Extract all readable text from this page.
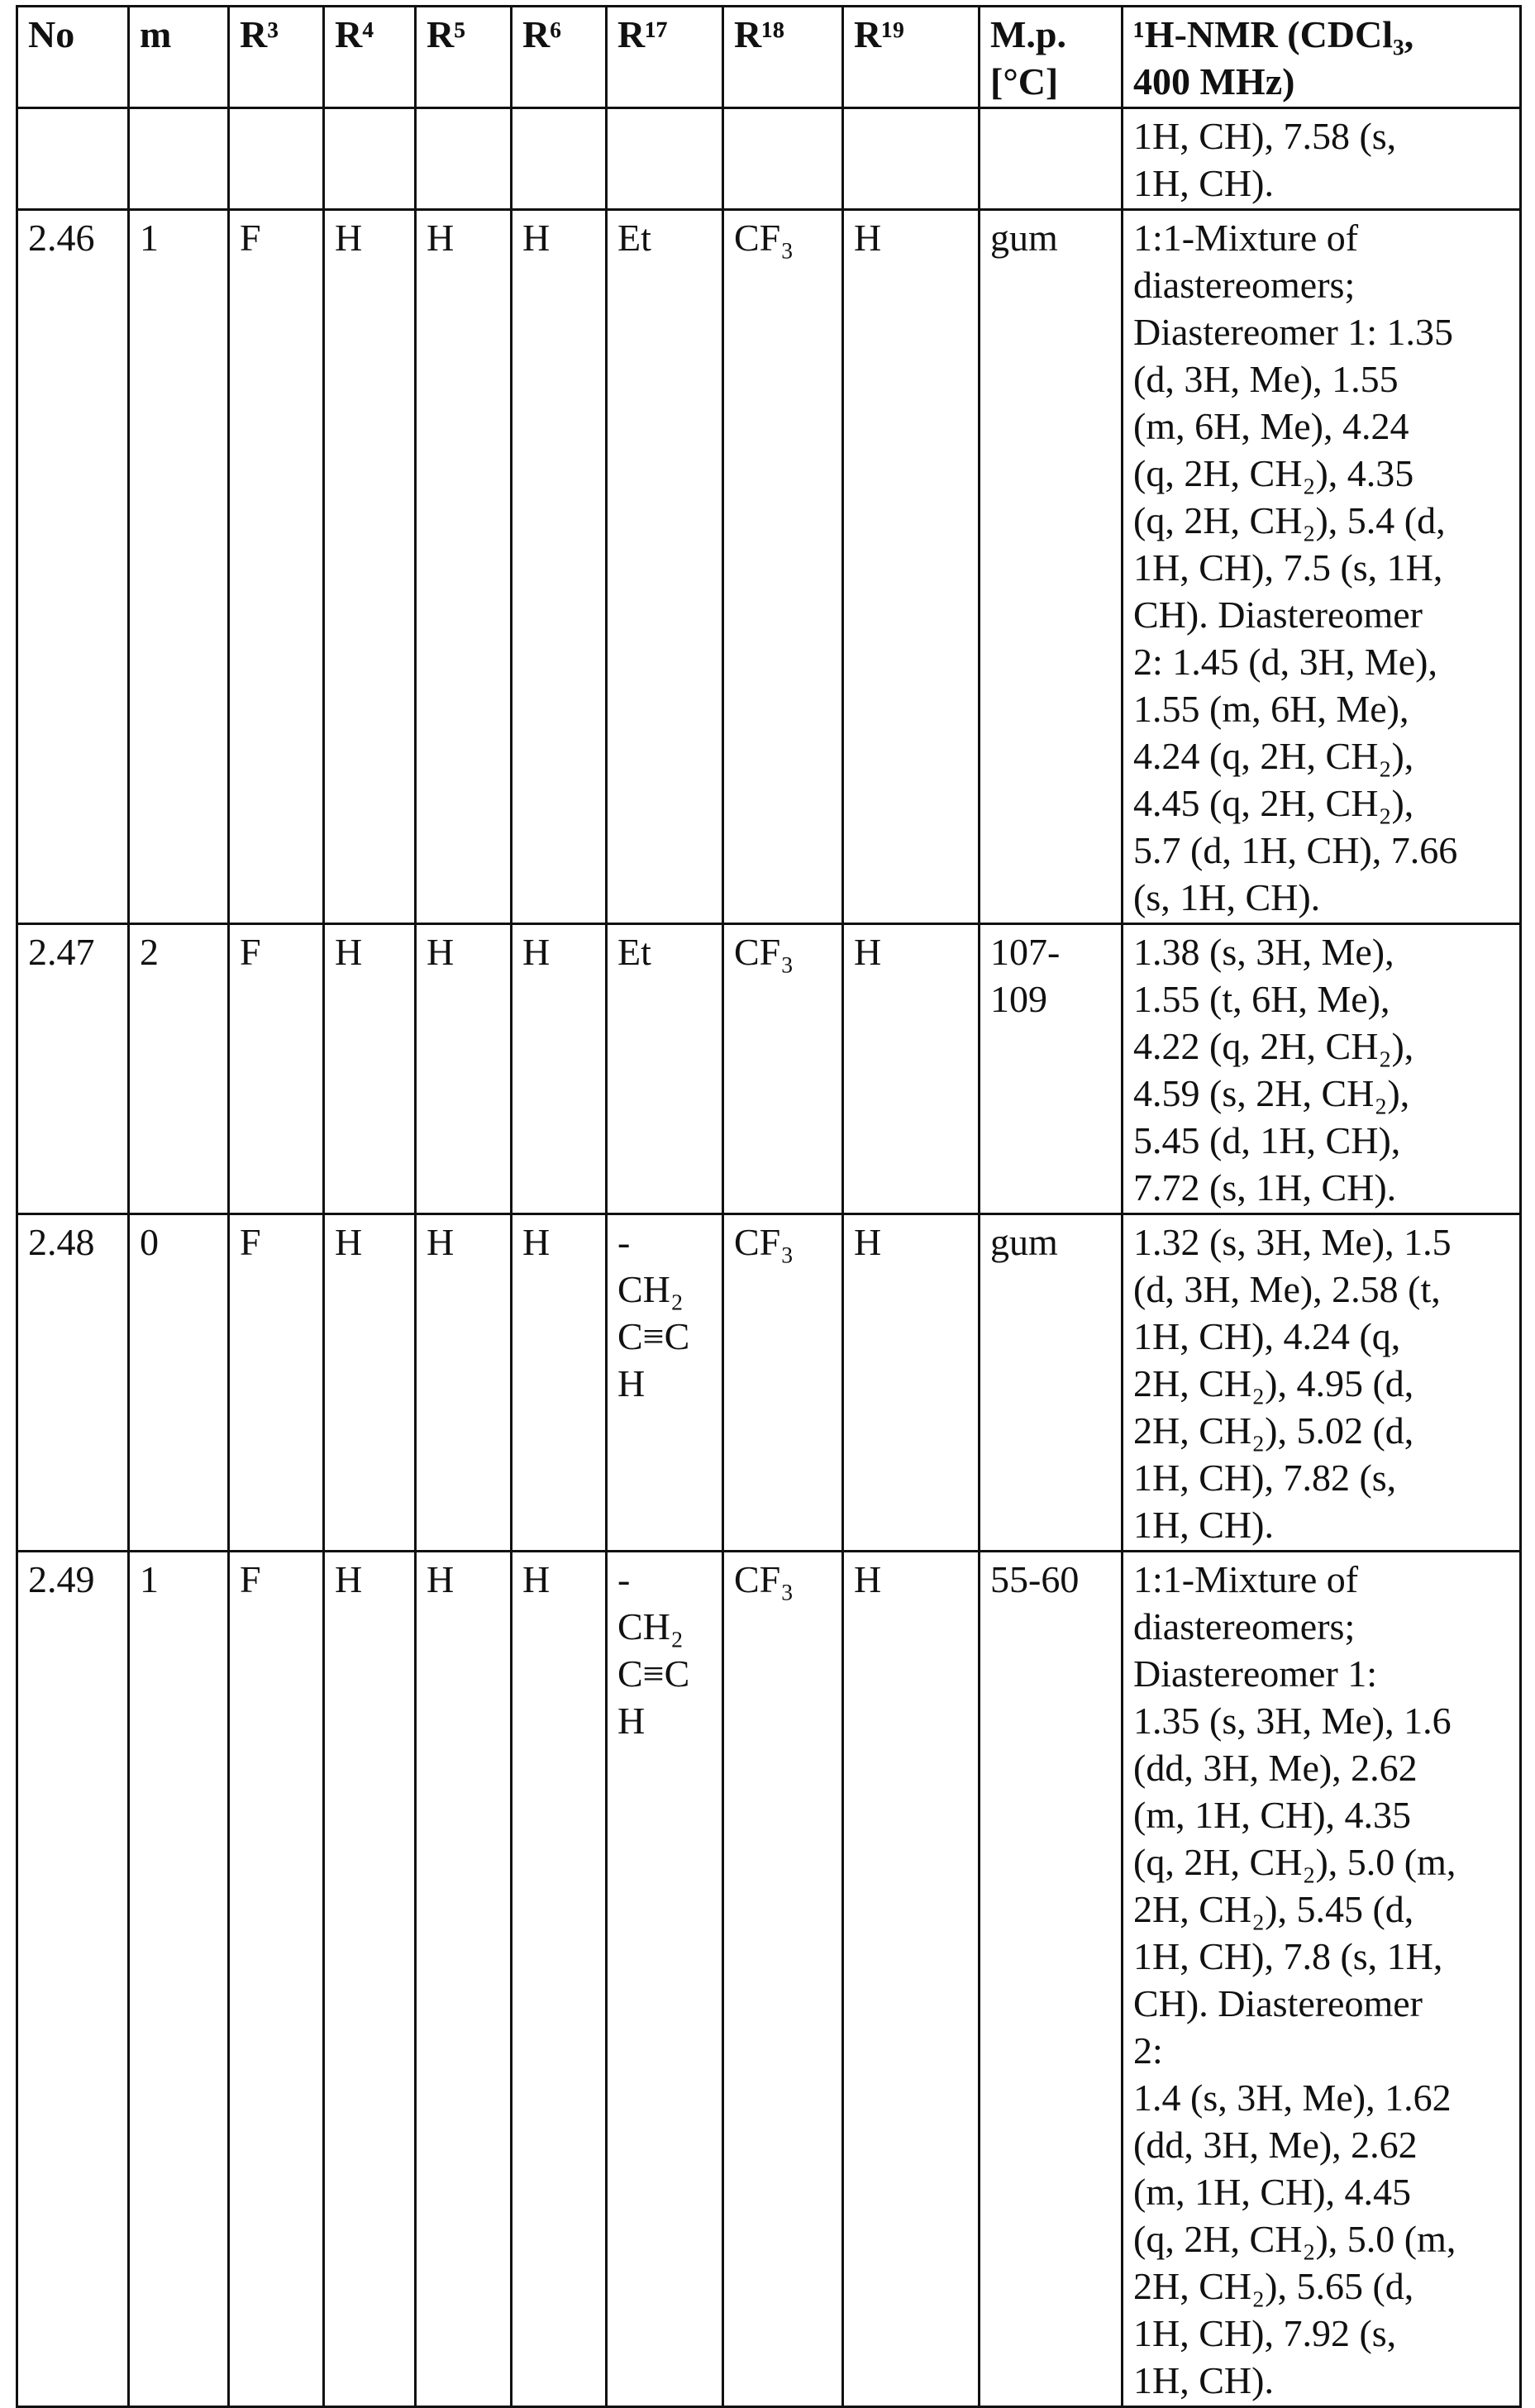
No	m	R³	R⁴	R⁵	R⁶	R¹⁷	R¹⁸	R¹⁹	M.p.
[°C]

¹H-NMR (CDCl₃,
400 MHz)

1H, CH), 7.58 (s,
1H, CH).

2.46	1	F	H	H	H	Et	CF₃	H	gum	1:1-Mixture of
diastereomers;
Diastereomer 1: 1.35
(d, 3H, Me), 1.55
(m, 6H, Me), 4.24
(q, 2H, CH₂), 4.35
(q, 2H, CH₂), 5.4 (d,
1H, CH), 7.5 (s, 1H,
CH). Diastereomer
2: 1.45 (d, 3H, Me),
1.55 (m, 6H, Me),
4.24 (q, 2H, CH₂),
4.45 (q, 2H, CH₂),
5.7 (d, 1H, CH), 7.66
(s, 1H, CH).

2.47	2	F	H	H	H	Et	CF₃	H	107-
109

1.38 (s, 3H, Me),
1.55 (t, 6H, Me),
4.22 (q, 2H, CH₂),
4.59 (s, 2H, CH₂),
5.45 (d, 1H, CH),
7.72 (s, 1H, CH).

2.48	0	F	H	H	H	-
CH₂
C≡C
H
	CF₃	H	gum	1.32 (s, 3H, Me), 1.5
(d, 3H, Me), 2.58 (t,
1H, CH), 4.24 (q,
2H, CH₂), 4.95 (d,
2H, CH₂), 5.02 (d,
1H, CH), 7.82 (s,
1H, CH).

2.49	1	F	H	H	H	-
CH₂
C≡C
H
	CF₃	H	55-60	1:1-Mixture of
diastereomers;
Diastereomer 1:
1.35 (s, 3H, Me), 1.6
(dd, 3H, Me), 2.62
(m, 1H, CH), 4.35
(q, 2H, CH₂), 5.0 (m,
2H, CH₂), 5.45 (d,
1H, CH), 7.8 (s, 1H,
CH). Diastereomer
2:
1.4 (s, 3H, Me), 1.62
(dd, 3H, Me), 2.62
(m, 1H, CH), 4.45
(q, 2H, CH₂), 5.0 (m,
2H, CH₂), 5.65 (d,
1H, CH), 7.92 (s,
1H, CH).
